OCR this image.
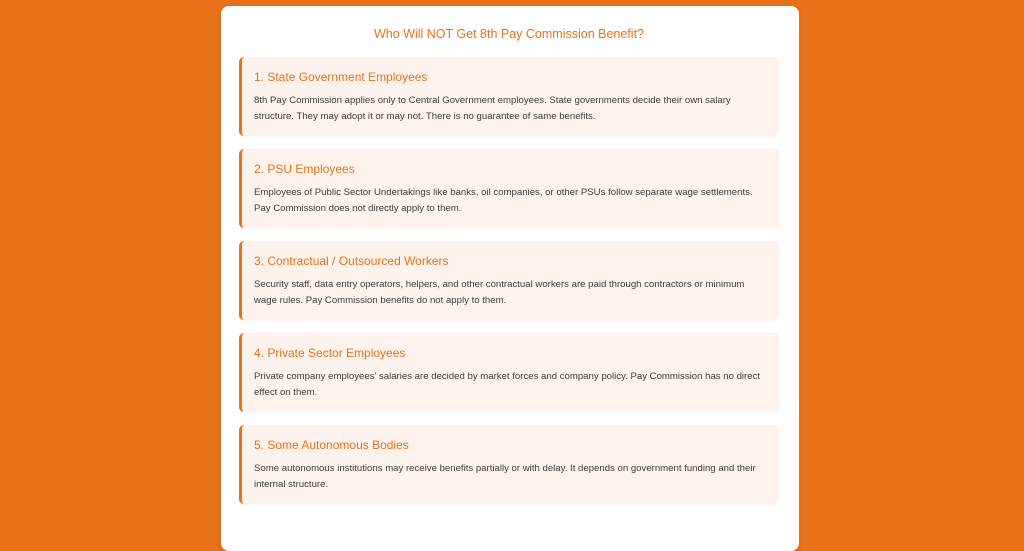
Who Will NOT Get 8th Pay Commission Benefit?
1. State Government Employees

8th Pay Commission applies only to Central Government employees. State governments decide their own salary structure. They may adopt it or may not. There is no guarantee of same benefits.

2. PSU Employees

Employees of Public Sector Undertakings like banks, oil companies, or other PSUs follow separate wage settlements. Pay Commission does not directly apply to them.

3. Contractual / Outsourced Workers

Security staff, data entry operators, helpers, and other contractual workers are paid through contractors or minimum wage rules. Pay Commission benefits do not apply to them.

4. Private Sector Employees

Private company employees’ salaries are decided by market forces and company policy. Pay Commission has no direct effect on them.

5. Some Autonomous Bodies

Some autonomous institutions may receive benefits partially or with delay. It depends on government funding and their internal structure.
